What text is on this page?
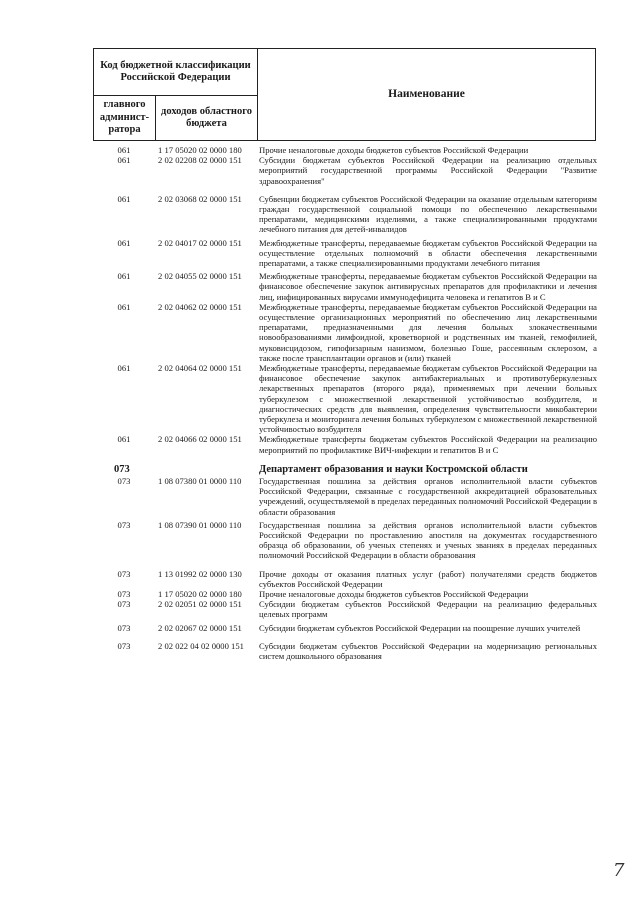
Код бюджетной классификации Российской Федерации		Наименование
главного админист-ратора	доходов областного бюджета	
061	1 17 05020 02 0000 180	Прочие неналоговые доходы бюджетов субъектов Российской Федерации
061	2 02 02208 02 0000 151	Субсидии бюджетам субъектов Российской Федерации на реализацию отдельных мероприятий государственной программы Российской Федерации "Развитие здравоохранения"
061	2 02 03068 02 0000 151	Субвенции бюджетам субъектов Российской Федерации на оказание отдельным категориям граждан государственной социальной помощи по обеспечению лекарственными препаратами, медицинскими изделиями, а также специализированными продуктами лечебного питания для детей-инвалидов
061	2 02 04017 02 0000 151	Межбюджетные трансферты, передаваемые бюджетам субъектов Российской Федерации на осуществление отдельных полномочий в области обеспечения лекарственными препаратами, а также специализированными продуктами лечебного питания
061	2 02 04055 02 0000 151	Межбюджетные трансферты, передаваемые бюджетам субъектов Российской Федерации на финансовое обеспечение закупок антивирусных препаратов для профилактики и лечения лиц, инфицированных вирусами иммунодефицита человека и гепатитов В и С
061	2 02 04062 02 0000 151	Межбюджетные трансферты, передаваемые бюджетам субъектов Российской Федерации на осуществление организационных мероприятий по обеспечению лиц лекарственными препаратами, предназначенными для лечения больных злокачественными новообразованиями лимфоидной, кроветворной и родственных им тканей, гемофилией, муковисцидозом, гипофизарным нанизмом, болезнью Гоше, рассеянным склерозом, а также после трансплантации органов и (или) тканей
061	2 02 04064 02 0000 151	Межбюджетные трансферты, передаваемые бюджетам субъектов Российской Федерации на финансовое обеспечение закупок антибактериальных и противотуберкулезных лекарственных препаратов (второго ряда), применяемых при лечении больных туберкулезом с множественной лекарственной устойчивостью возбудителя, и диагностических средств для выявления, определения чувствительности микобактерии туберкулеза и мониторинга лечения больных туберкулезом с множественной лекарственной устойчивостью возбудителя
061	2 02 04066 02 0000 151	Межбюджетные трансферты бюджетам субъектов Российской Федерации на реализацию мероприятий по профилактике ВИЧ-инфекции и гепатитов В и С
073	Департамент образования и науки Костромской области
073	1 08 07380 01 0000 110	Государственная пошлина за действия органов исполнительной власти субъектов Российской Федерации, связанные с государственной аккредитацией образовательных учреждений, осуществляемой в пределах переданных полномочий Российской Федерации в области образования
073	1 08 07390 01 0000 110	Государственная пошлина за действия органов исполнительной власти субъектов Российской Федерации по проставлению апостиля на документах государственного образца об образовании, об ученых степенях и ученых званиях в пределах переданных полномочий Российской Федерации в области образования
073	1 13 01992 02 0000 130	Прочие доходы от оказания платных услуг (работ) получателями средств бюджетов субъектов Российской Федерации
073	1 17 05020 02 0000 180	Прочие неналоговые доходы бюджетов субъектов Российской Федерации
073	2 02 02051 02 0000 151	Субсидии бюджетам субъектов Российской Федерации на реализацию федеральных целевых программ
073	2 02 02067 02 0000 151	Субсидии бюджетам субъектов Российской Федерации на поощрение лучших учителей
073	2 02 022 04 02 0000 151	Субсидии бюджетам субъектов Российской Федерации на модернизацию региональных систем дошкольного образования
7
